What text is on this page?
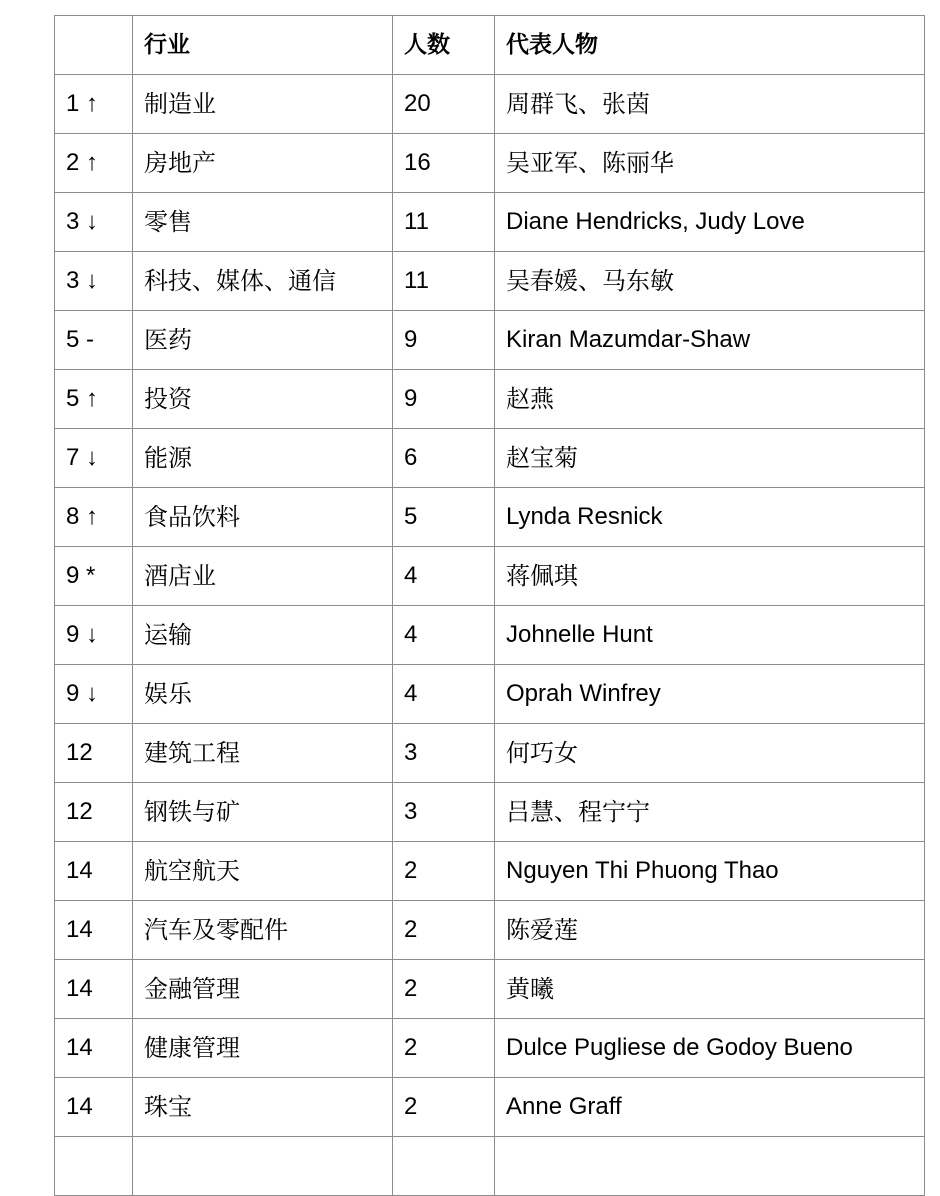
	行业	人数	代表人物
1 ↑	制造业	20	周群飞、张茵
2 ↑	房地产	16	吴亚军、陈丽华
3 ↓	零售	11	Diane Hendricks, Judy Love
3 ↓	科技、媒体、通信	11	吴春媛、马东敏
5 -	医药	9	Kiran Mazumdar-Shaw
5 ↑	投资	9	赵燕
7 ↓	能源	6	赵宝菊
8 ↑	食品饮料	5	Lynda Resnick
9 *	酒店业	4	蒋佩琪
9 ↓	运输	4	Johnelle Hunt
9 ↓	娱乐	4	Oprah Winfrey
12	建筑工程	3	何巧女
12	钢铁与矿	3	吕慧、程宁宁
14	航空航天	2	Nguyen Thi Phuong Thao
14	汽车及零配件	2	陈爱莲
14	金融管理	2	黄曦
14	健康管理	2	Dulce Pugliese de Godoy Bueno
14	珠宝	2	Anne Graff
